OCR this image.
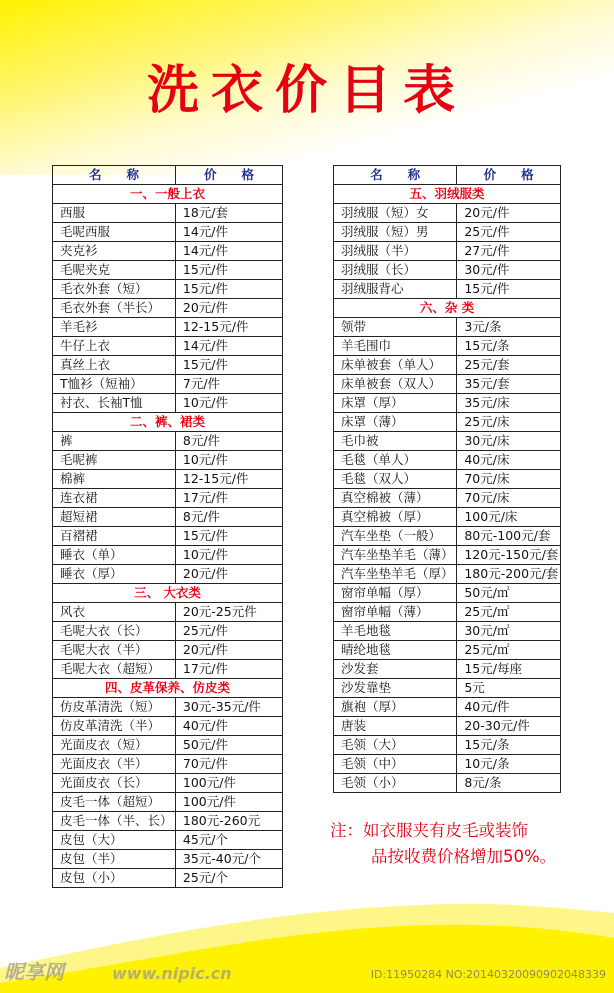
洗衣价目表
名　　称	价　　格
一、一般上衣	
西服	18元/套
毛呢西服	14元/件
夹克衫	14元/件
毛呢夹克	15元/件
毛衣外套（短）	15元/件
毛衣外套（半长）	20元/件
羊毛衫	12-15元/件
牛仔上衣	14元/件
真丝上衣	15元/件
T恤衫（短袖）	7元/件
衬衣、长袖T恤	10元/件
二、裤、裙类	
裤	8元/件
毛呢裤	10元/件
棉裤	12-15元/件
连衣裙	17元/件
超短裙	8元/件
百褶裙	15元/件
睡衣（单）	10元/件
睡衣（厚）	20元/件
三、 大衣类	
风衣	20元-25元件
毛呢大衣（长）	25元/件
毛呢大衣（半）	20元/件
毛呢大衣（超短）	17元/件
四、皮革保养、仿皮类	
仿皮革清洗（短）	30元-35元/件
仿皮革清洗（半）	40元/件
光面皮衣（短）	50元/件
光面皮衣（半）	70元/件
光面皮衣（长）	100元/件
皮毛一体（超短）	100元/件
皮毛一体（半、长）	180元-260元
皮包（大）	45元/个
皮包（半）	35元-40元/个
皮包（小）	25元/个
名　　称	价　　格
五、羽绒服类	
羽绒服（短）女	20元/件
羽绒服（短）男	25元/件
羽绒服（半）	27元/件
羽绒服（长）	30元/件
羽绒服背心	15元/件
六、杂 类	
领带	3元/条
羊毛围巾	15元/条
床单被套（单人）	25元/套
床单被套（双人）	35元/套
床罩（厚）	35元/床
床罩（薄）	25元/床
毛巾被	30元/床
毛毯（单人）	40元/床
毛毯（双人）	70元/床
真空棉被（薄）	70元/床
真空棉被（厚）	100元/床
汽车坐垫（一般）	80元-100元/套
汽车坐垫羊毛（薄）	120元-150元/套
汽车坐垫羊毛（厚）	180元-200元/套
窗帘单幅（厚）	50元/㎡
窗帘单幅（薄）	25元/㎡
羊毛地毯	30元/㎡
晴纶地毯	25元/㎡
沙发套	15元/每座
沙发靠垫	5元
旗袍（厚）	40元/件
唐装	20-30元/件
毛领（大）	15元/条
毛领（中）	10元/条
毛领（小）	8元/条
注：如衣服夹有皮毛或装饰
品按收费价格增加50%。
昵享网	www.nipic.cn	ID:11950284 NO:20140320090902048339
